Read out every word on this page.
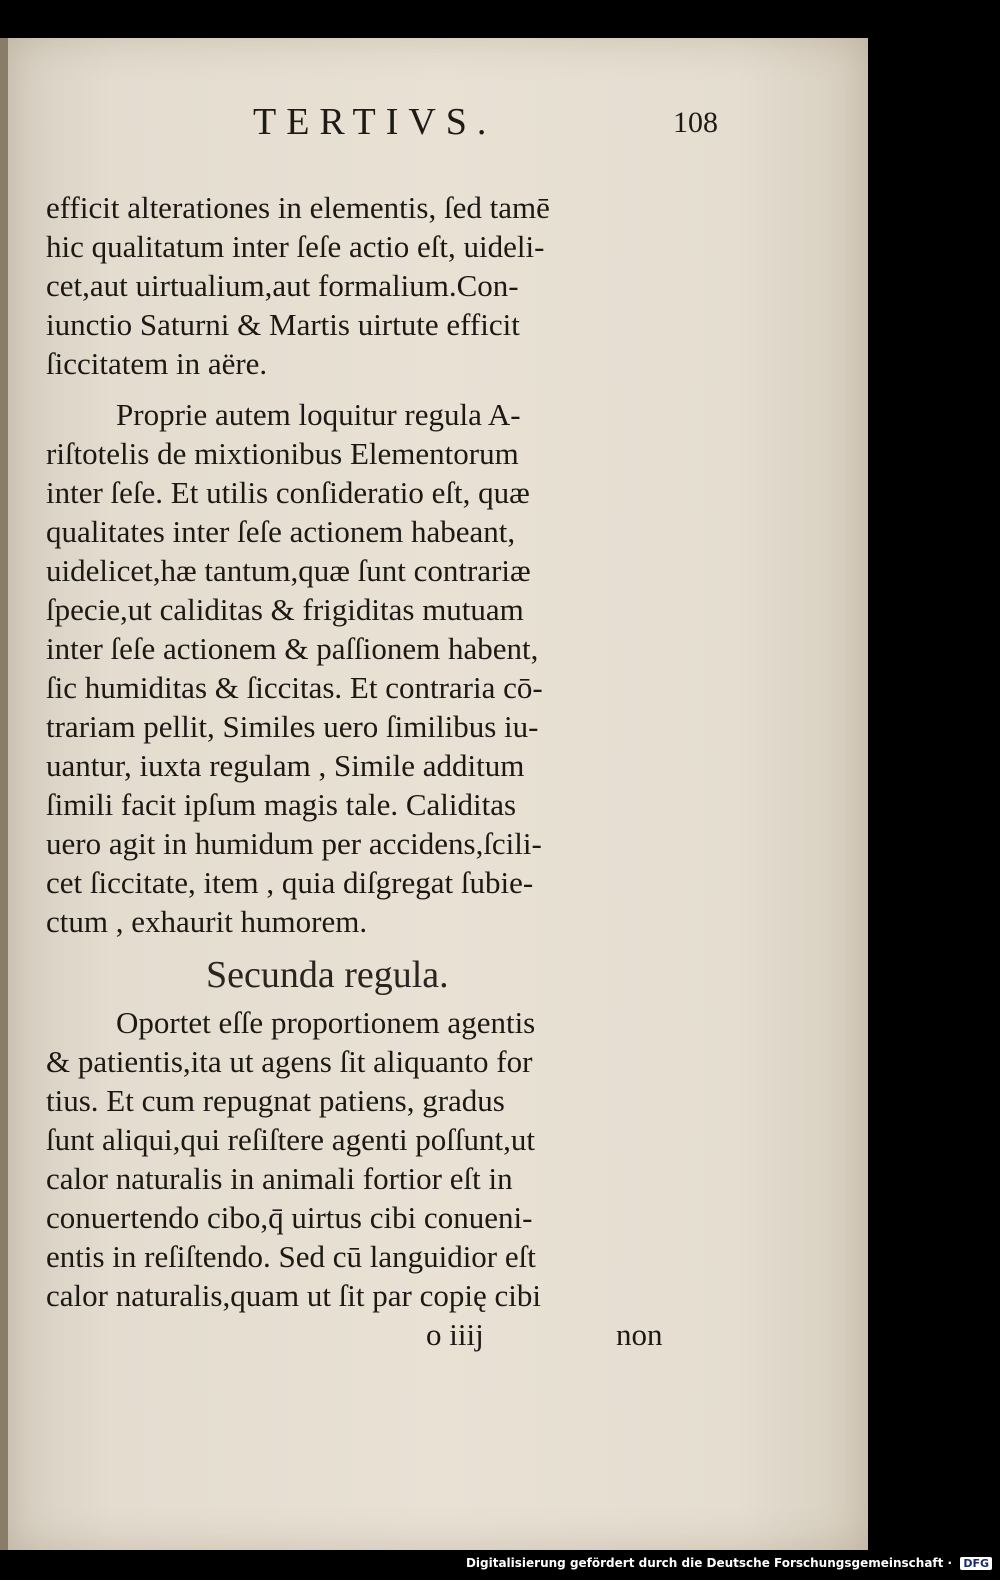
TERTIVS.	108
efficit alterationes in elementis, ſed tamē
hic qualitatum inter ſeſe actio eſt, uideli-
cet,aut uirtualium,aut formalium.Con-
iunctio Saturni & Martis uirtute efficit
ſiccitatem in aëre.
Proprie autem loquitur regula A-
riſtotelis de mixtionibus Elementorum
inter ſeſe. Et utilis conſideratio eſt, quæ
qualitates inter ſeſe actionem habeant,
uidelicet,hæ tantum,quæ ſunt contrariæ
ſpecie,ut caliditas & frigiditas mutuam
inter ſeſe actionem & paſſionem habent,
ſic humiditas & ſiccitas. Et contraria cō-
trariam pellit, Similes uero ſimilibus iu-
uantur, iuxta regulam , Simile additum
ſimili facit ipſum magis tale. Caliditas
uero agit in humidum per accidens,ſcili-
cet ſiccitate, item , quia diſgregat ſubie-
ctum , exhaurit humorem.
Secunda regula.
Oportet eſſe proportionem agentis
& patientis,ita ut agens ſit aliquanto for
tius. Et cum repugnat patiens, gradus
ſunt aliqui,qui reſiſtere agenti poſſunt,ut
calor naturalis in animali fortior eſt in
conuertendo cibo,q̄ uirtus cibi conueni-
entis in reſiſtendo. Sed cū languidior eſt
calor naturalis,quam ut ſit par copię cibi
o iiij	non
Digitalisierung gefördert durch die Deutsche Forschungsgemeinschaft · DFG
